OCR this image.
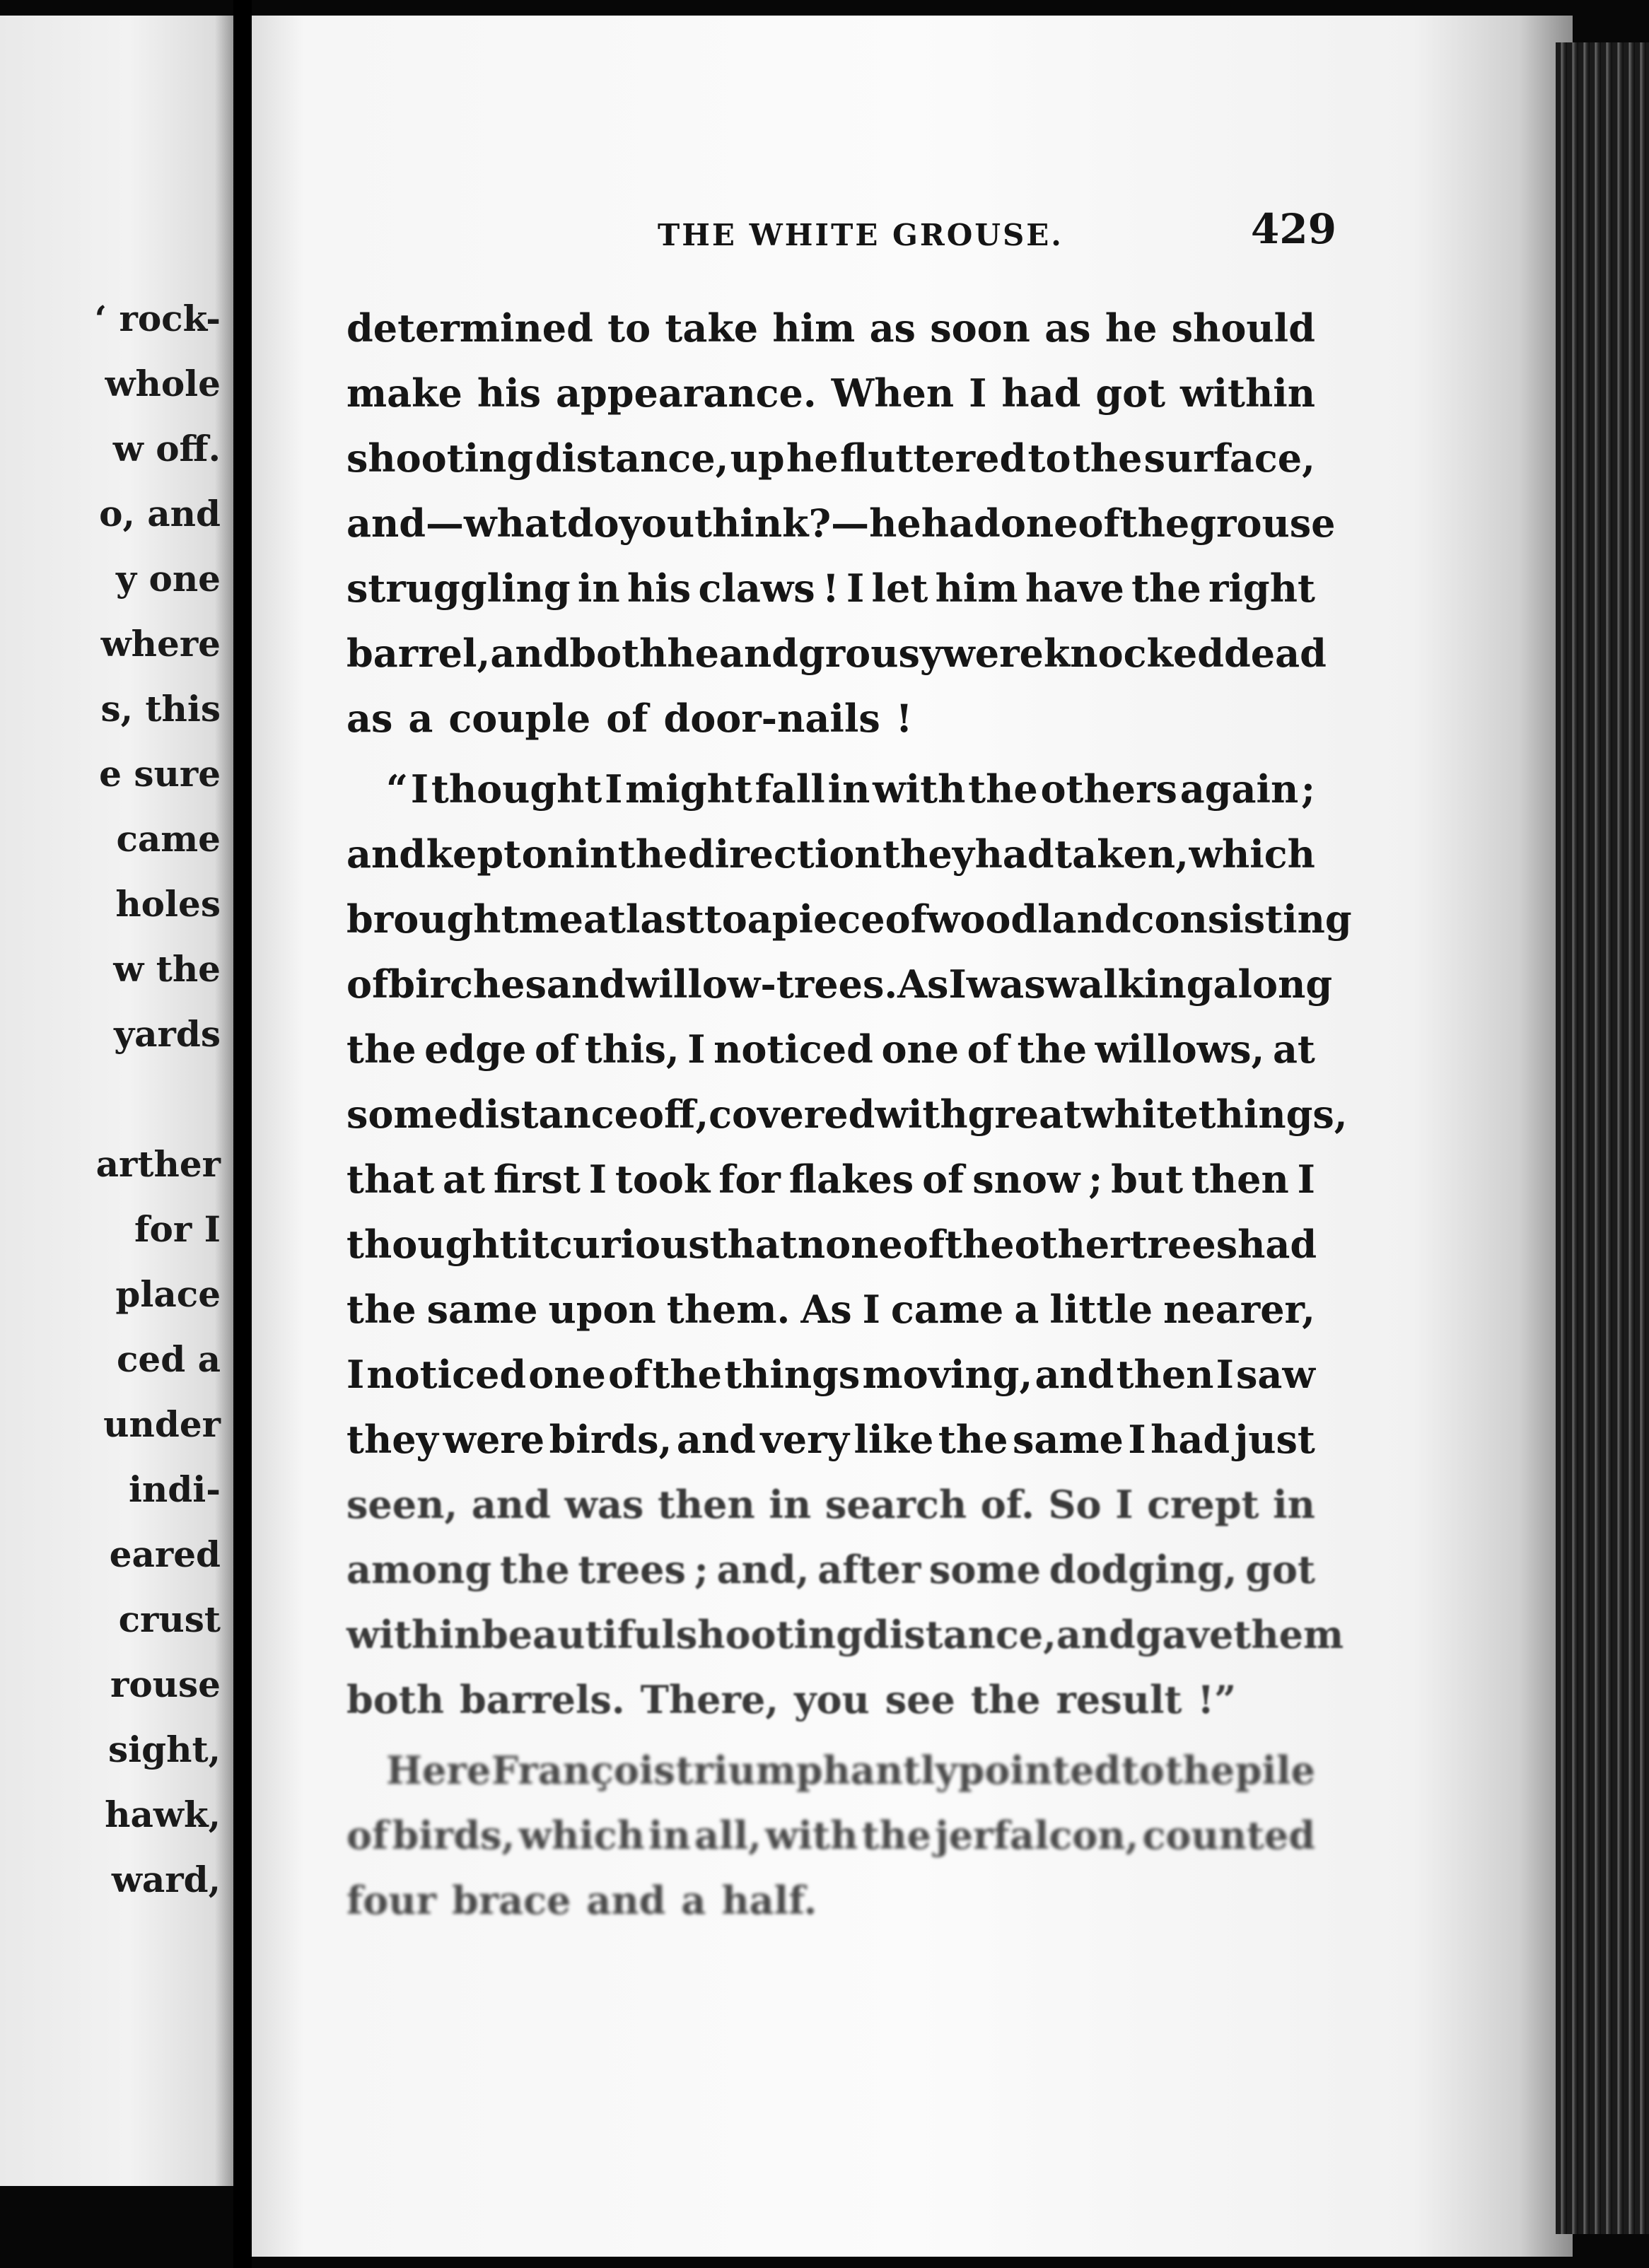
‘ rock-
whole
w off.
o, and
y one
where
s, this
e sure
came
holes
w the
yards
arther
for I
place
ced a
under
indi-
eared
crust
rouse
sight,
hawk,
ward,
THE WHITE GROUSE.	429
determined to take him as soon as he should
make his appearance. When I had got within
shooting distance, up he fluttered to the surface,
and—what do you think ?—he had one of the grouse
struggling in his claws ! I let him have the right
barrel, and both he and grousy were knocked dead
as a couple of door-nails !
“ I thought I might fall in with the others again ;
and kept on in the direction they had taken, which
brought me at last to a piece of woodland consisting
of birches and willow-trees. As I was walking along
the edge of this, I noticed one of the willows, at
some distance off, covered with great white things,
that at first I took for flakes of snow ; but then I
thought it curious that none of the other trees had
the same upon them. As I came a little nearer,
I noticed one of the things moving, and then I saw
they were birds, and very like the same I had just
seen, and was then in search of. So I crept in
among the trees ; and, after some dodging, got
within beautiful shooting distance, and gave them
both barrels. There, you see the result !”
Here François triumphantly pointed to the pile
of birds, which in all, with the jerfalcon, counted
four brace and a half.
